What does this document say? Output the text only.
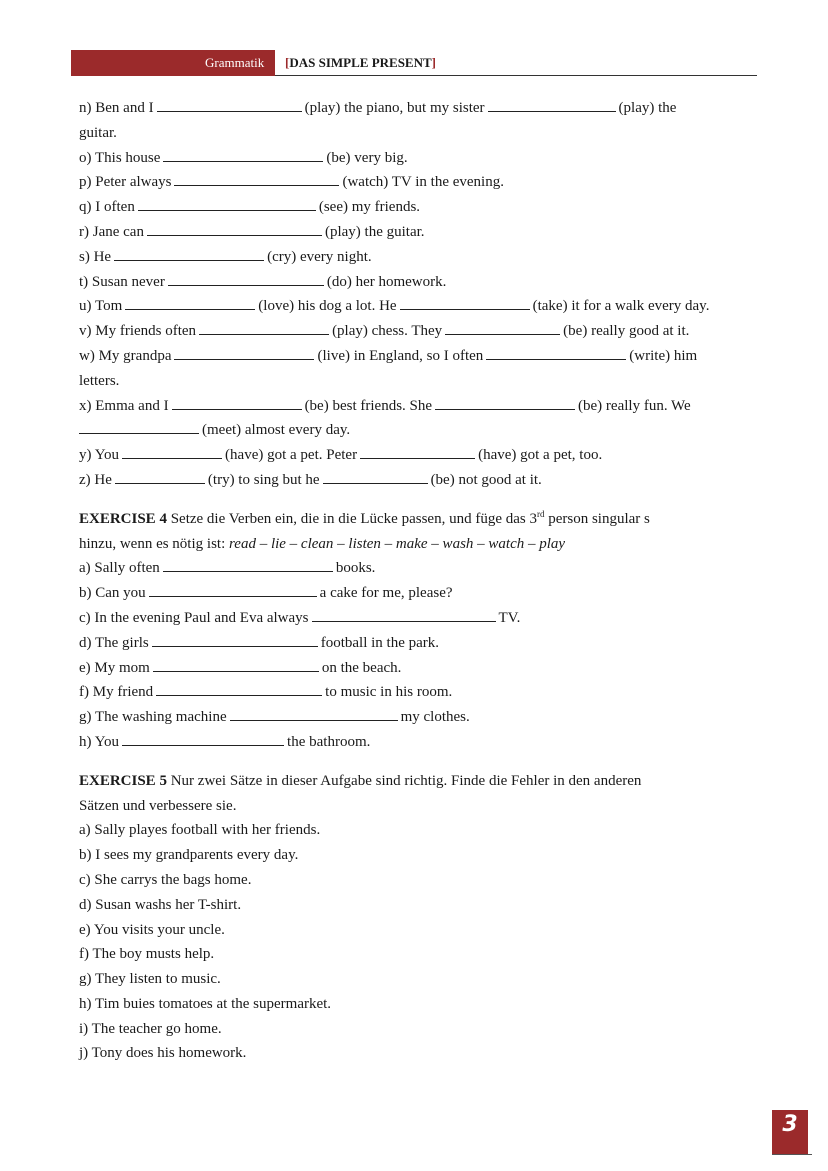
Grammatik [DAS SIMPLE PRESENT]
n) Ben and I	(play) the piano, but my sister	(play) the
guitar.
o) This house	(be) very big.
p) Peter always	(watch) TV in the evening.
q) I often	(see) my friends.
r) Jane can	(play) the guitar.
s) He	(cry) every night.
t) Susan never	(do) her homework.
u) Tom	(love) his dog a lot. He	(take) it for a walk every day.
v) My friends often	(play) chess. They	(be) really good at it.
w) My grandpa	(live) in England, so I often	(write) him
letters.
x) Emma and I	(be) best friends. She	(be) really fun. We
(meet) almost every day.
y) You	(have) got a pet. Peter	(have) got a pet, too.
z) He	(try) to sing but he	(be) not good at it.
EXERCISE 4 Setze die Verben ein, die in die Lücke passen, und füge das 3rd person singular s
hinzu, wenn es nötig ist: read – lie – clean – listen – make – wash – watch – play
a) Sally often	books.
b) Can you	a cake for me, please?
c) In the evening Paul and Eva always	TV.
d) The girls	football in the park.
e) My mom	on the beach.
f) My friend	to music in his room.
g) The washing machine	my clothes.
h) You	the bathroom.
EXERCISE 5 Nur zwei Sätze in dieser Aufgabe sind richtig. Finde die Fehler in den anderen
Sätzen und verbessere sie.
a) Sally playes football with her friends.
b) I sees my grandparents every day.
c) She carrys the bags home.
d) Susan washs her T-shirt.
e) You visits your uncle.
f) The boy musts help.
g) They listen to music.
h) Tim buies tomatoes at the supermarket.
i) The teacher go home.
j) Tony does his homework.
3
